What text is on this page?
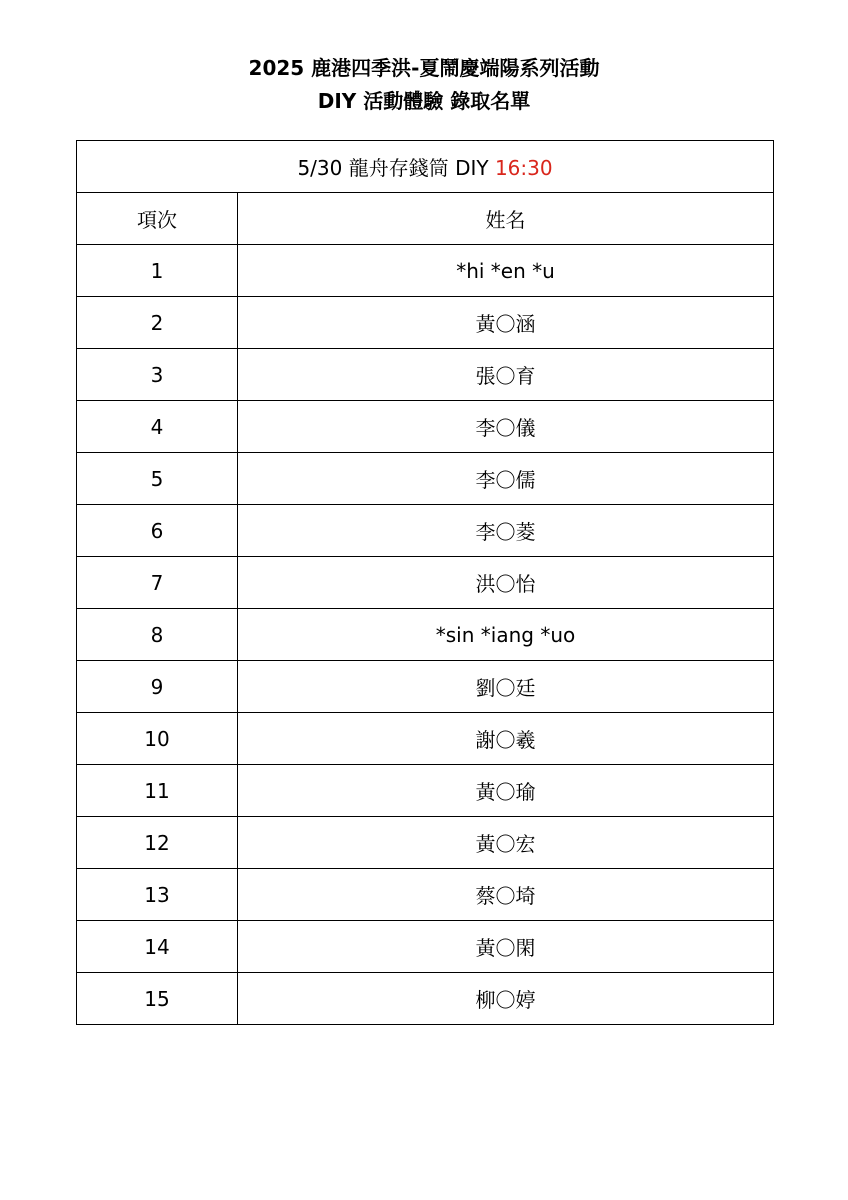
2025 鹿港四季洪-夏鬧慶端陽系列活動
DIY 活動體驗 錄取名單
5/30 龍舟存錢筒 DIY 16:30	
項次	姓名
1	*hi *en *u
2	黃〇涵
3	張〇育
4	李〇儀
5	李〇儒
6	李〇菱
7	洪〇怡
8	*sin *iang *uo
9	劉〇廷
10	謝〇羲
11	黃〇瑜
12	黃〇宏
13	蔡〇埼
14	黃〇閑
15	柳〇婷
